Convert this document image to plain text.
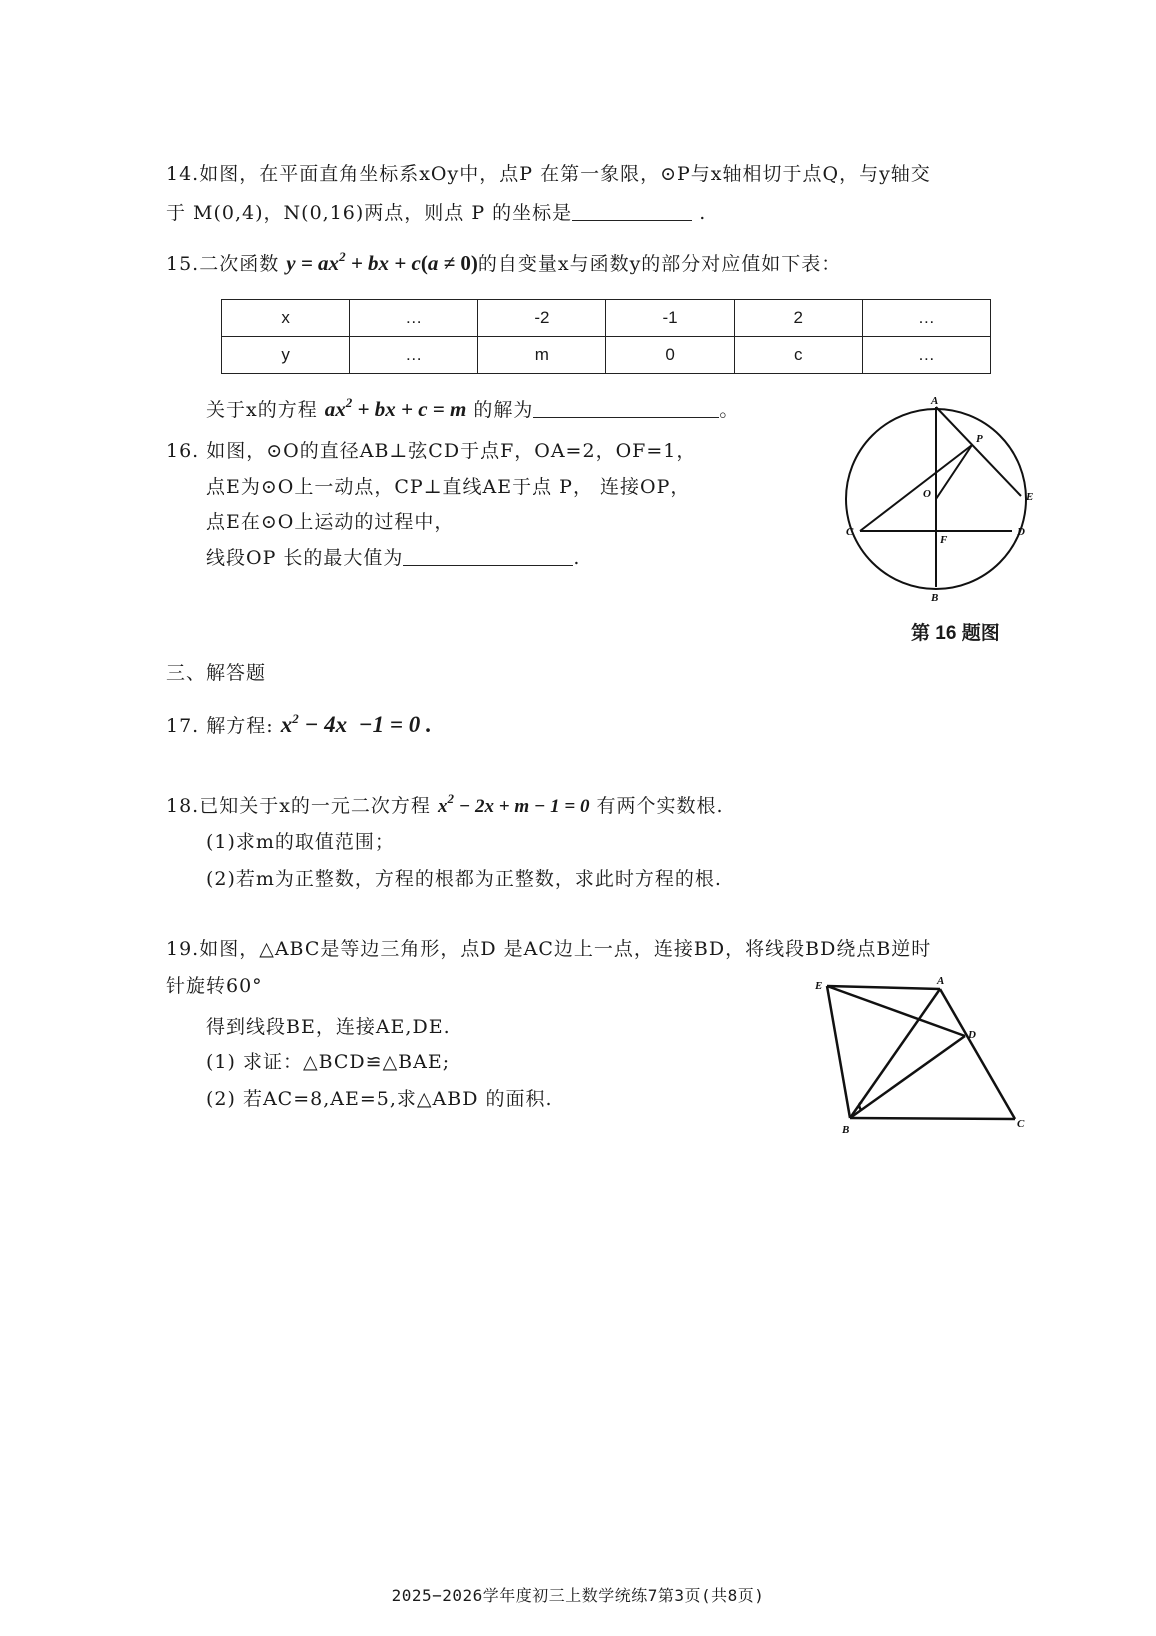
14.如图，在平面直角坐标系xOy中，点P 在第一象限，⊙P与x轴相切于点Q，与y轴交
于 M(0,4)，N(0,16)两点，则点 P 的坐标是	.
15.二次函数 $y = ax^2$ + bx + c(a ≠ 0)的自变量x与函数y的部分对应值如下表：
x	…	-2	-1	2	…
y	…	m	0	c	…
关于x的方程 $ax^2$ + bx + c = m 的解为	。
16. 如图，⊙O的直径AB⊥弦CD于点F，OA=2，OF=1，
点E为⊙O上一动点，CP⊥直线AE于点 P， 连接OP，
点E在⊙O上运动的过程中，
线段OP 长的最大值为	.
A
P
O	E
C
F
D
B
第 16 题图
三、解答题
17. 解方程: $x^2 - 4x -1 = 0$ .
18.已知关于x的一元二次方程 $x^2 - 2x + m - 1 = 0$ 有两个实数根.
(1)求m的取值范围；
(2)若m为正整数，方程的根都为正整数，求此时方程的根.
19.如图，△ABC是等边三角形，点D 是AC边上一点，连接BD，将线段BD绕点B逆时
针旋转60°
得到线段BE，连接AE,DE.
(1) 求证：△BCD≌△BAE;
(2) 若AC=8,AE=5,求△ABD 的面积.
E	A
D
B	C
2025−2026学年度初三上数学统练7第3页(共8页)
